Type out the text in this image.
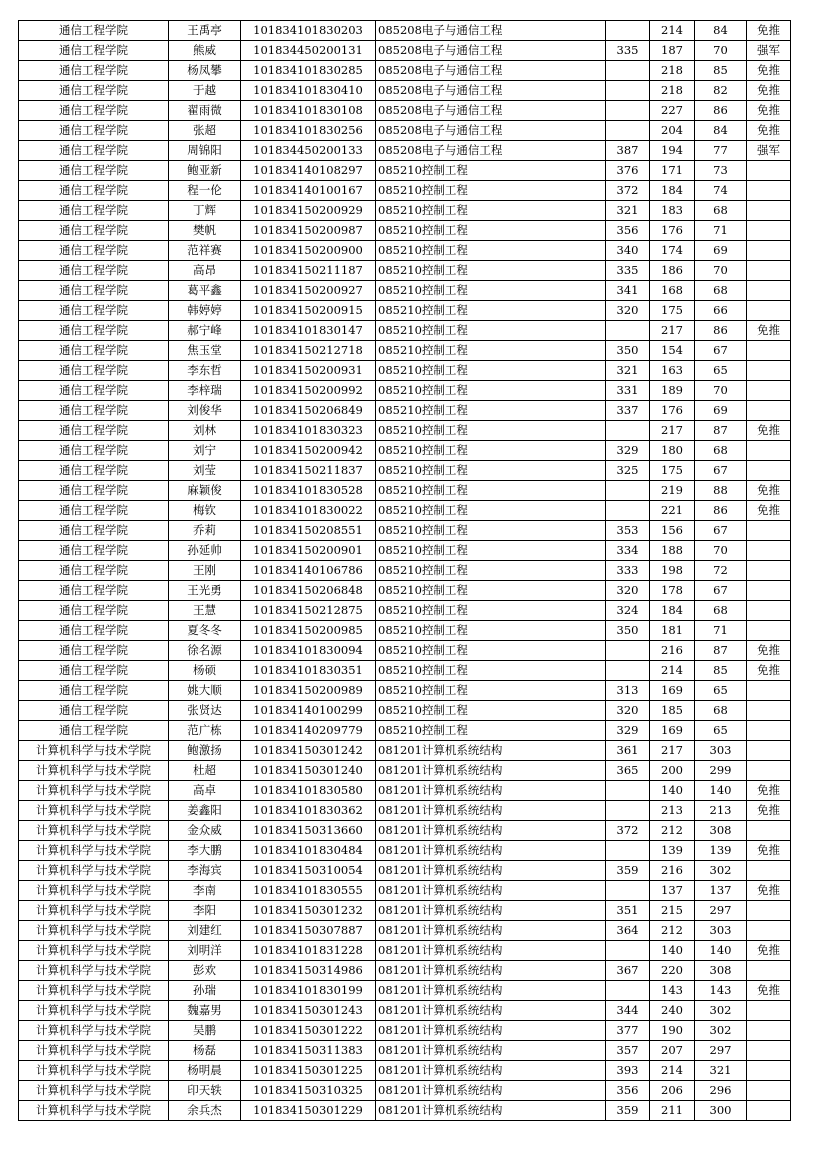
通信工程学院	王禹亭	101834101830203	085208电子与通信工程		214	84	免推
通信工程学院	熊威	101834450200131	085208电子与通信工程	335	187	70	强军
通信工程学院	杨凤攀	101834101830285	085208电子与通信工程		218	85	免推
通信工程学院	于越	101834101830410	085208电子与通信工程		218	82	免推
通信工程学院	翟雨微	101834101830108	085208电子与通信工程		227	86	免推
通信工程学院	张超	101834101830256	085208电子与通信工程		204	84	免推
通信工程学院	周锦阳	101834450200133	085208电子与通信工程	387	194	77	强军
通信工程学院	鲍亚新	101834140108297	085210控制工程	376	171	73	
通信工程学院	程一伦	101834140100167	085210控制工程	372	184	74	
通信工程学院	丁辉	101834150200929	085210控制工程	321	183	68	
通信工程学院	樊帆	101834150200987	085210控制工程	356	176	71	
通信工程学院	范祥赛	101834150200900	085210控制工程	340	174	69	
通信工程学院	高昂	101834150211187	085210控制工程	335	186	70	
通信工程学院	葛平鑫	101834150200927	085210控制工程	341	168	68	
通信工程学院	韩婷婷	101834150200915	085210控制工程	320	175	66	
通信工程学院	郝宁峰	101834101830147	085210控制工程		217	86	免推
通信工程学院	焦玉堂	101834150212718	085210控制工程	350	154	67	
通信工程学院	李东哲	101834150200931	085210控制工程	321	163	65	
通信工程学院	李梓瑞	101834150200992	085210控制工程	331	189	70	
通信工程学院	刘俊华	101834150206849	085210控制工程	337	176	69	
通信工程学院	刘林	101834101830323	085210控制工程		217	87	免推
通信工程学院	刘宁	101834150200942	085210控制工程	329	180	68	
通信工程学院	刘莹	101834150211837	085210控制工程	325	175	67	
通信工程学院	麻颖俊	101834101830528	085210控制工程		219	88	免推
通信工程学院	梅钦	101834101830022	085210控制工程		221	86	免推
通信工程学院	乔莉	101834150208551	085210控制工程	353	156	67	
通信工程学院	孙延帅	101834150200901	085210控制工程	334	188	70	
通信工程学院	王刚	101834140106786	085210控制工程	333	198	72	
通信工程学院	王光勇	101834150206848	085210控制工程	320	178	67	
通信工程学院	王慧	101834150212875	085210控制工程	324	184	68	
通信工程学院	夏冬冬	101834150200985	085210控制工程	350	181	71	
通信工程学院	徐名源	101834101830094	085210控制工程		216	87	免推
通信工程学院	杨硕	101834101830351	085210控制工程		214	85	免推
通信工程学院	姚大顺	101834150200989	085210控制工程	313	169	65	
通信工程学院	张贤达	101834140100299	085210控制工程	320	185	68	
通信工程学院	范广栋	101834140209779	085210控制工程	329	169	65	
计算机科学与技术学院	鲍激扬	101834150301242	081201计算机系统结构	361	217	303	
计算机科学与技术学院	杜超	101834150301240	081201计算机系统结构	365	200	299	
计算机科学与技术学院	高卓	101834101830580	081201计算机系统结构		140	140	免推
计算机科学与技术学院	姜鑫阳	101834101830362	081201计算机系统结构		213	213	免推
计算机科学与技术学院	金众威	101834150313660	081201计算机系统结构	372	212	308	
计算机科学与技术学院	李大鹏	101834101830484	081201计算机系统结构		139	139	免推
计算机科学与技术学院	李海宾	101834150310054	081201计算机系统结构	359	216	302	
计算机科学与技术学院	李南	101834101830555	081201计算机系统结构		137	137	免推
计算机科学与技术学院	李阳	101834150301232	081201计算机系统结构	351	215	297	
计算机科学与技术学院	刘建红	101834150307887	081201计算机系统结构	364	212	303	
计算机科学与技术学院	刘明洋	101834101831228	081201计算机系统结构		140	140	免推
计算机科学与技术学院	彭欢	101834150314986	081201计算机系统结构	367	220	308	
计算机科学与技术学院	孙瑞	101834101830199	081201计算机系统结构		143	143	免推
计算机科学与技术学院	魏嘉男	101834150301243	081201计算机系统结构	344	240	302	
计算机科学与技术学院	吴鹏	101834150301222	081201计算机系统结构	377	190	302	
计算机科学与技术学院	杨磊	101834150311383	081201计算机系统结构	357	207	297	
计算机科学与技术学院	杨明晨	101834150301225	081201计算机系统结构	393	214	321	
计算机科学与技术学院	印天轶	101834150310325	081201计算机系统结构	356	206	296	
计算机科学与技术学院	余兵杰	101834150301229	081201计算机系统结构	359	211	300	
